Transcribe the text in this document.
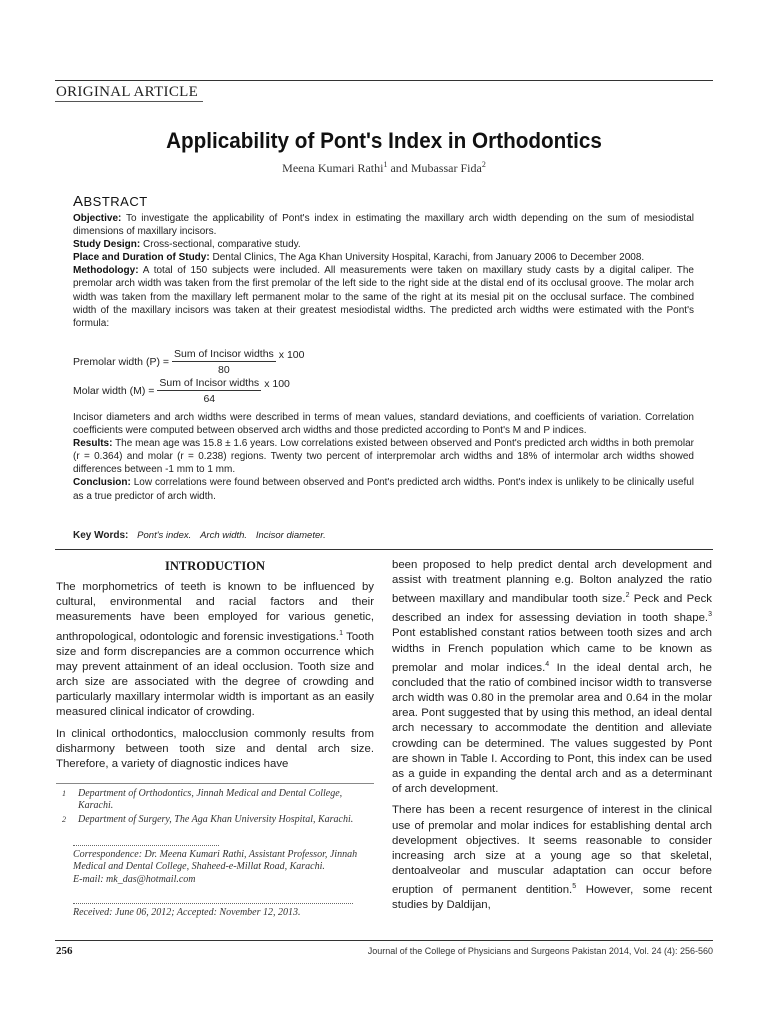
ORIGINAL ARTICLE
Applicability of Pont's Index in Orthodontics
Meena Kumari Rathi$^1$ and Mubassar Fida$^2$
ABSTRACT

Objective: To investigate the applicability of Pont's index in estimating the maxillary arch width depending on the sum of mesiodistal dimensions of maxillary incisors.

Study Design: Cross-sectional, comparative study.

Place and Duration of Study: Dental Clinics, The Aga Khan University Hospital, Karachi, from January 2006 to December 2008.

Methodology: A total of 150 subjects were included. All measurements were taken on maxillary study casts by a digital caliper. The premolar arch width was taken from the first premolar of the left side to the right side at the distal end of its occlusal groove. The molar arch width was taken from the maxillary left permanent molar to the same of the right at its mesial pit on the occlusal surface. The combined width of the maxillary incisors was taken at their greatest mesiodistal widths. The predicted arch widths were estimated with the Pont's formula:

Premolar width $(P) = \frac{\text{Sum of Incisor widths}}{80}$ x 100
Molar width $(M) = \frac{\text{Sum of Incisor widths}}{64}$ x 100

Incisor diameters and arch widths were described in terms of mean values, standard deviations, and coefficients of variation. Correlation coefficients were computed between observed arch widths and those predicted according to Pont's M and P indices.

Results: The mean age was 15.8 ± 1.6 years. Low correlations existed between observed and Pont's predicted arch widths in both premolar (r = 0.364) and molar (r = 0.238) regions. Twenty two percent of interpremolar arch widths and 18% of intermolar arch widths showed differences between -1 mm to 1 mm.

Conclusion: Low correlations were found between observed and Pont's predicted arch widths. Pont's index is unlikely to be clinically useful as a true predictor of arch width.

Key Words: Pont's index. Arch width. Incisor diameter.
INTRODUCTION

The morphometrics of teeth is known to be influenced by cultural, environmental and racial factors and their measurements have been employed for various genetic, anthropological, odontologic and forensic investigations.$^1$ Tooth size and form discrepancies are a common occurrence which may prevent attainment of an ideal occlusion. Tooth size and arch size are associated with the degree of crowding and particularly maxillary intermolar width is important as an easily measured clinical indicator of crowding.

In clinical orthodontics, malocclusion commonly results from disharmony between tooth size and dental arch size. Therefore, a variety of diagnostic indices have

1	Department of Orthodontics, Jinnah Medical and Dental College, Karachi.
2	Department of Surgery, The Aga Khan University Hospital, Karachi.

Correspondence: Dr. Meena Kumari Rathi, Assistant Professor, Jinnah Medical and Dental College, Shaheed-e-Millat Road, Karachi.

E-mail: mk_das@hotmail.com

Received: June 06, 2012; Accepted: November 12, 2013.

been proposed to help predict dental arch development and assist with treatment planning e.g. Bolton analyzed the ratio between maxillary and mandibular tooth size.$^2$ Peck and Peck described an index for assessing deviation in tooth shape.$^3$ Pont established constant ratios between tooth sizes and arch widths in French population which came to be known as premolar and molar indices.$^4$ In the ideal dental arch, he concluded that the ratio of combined incisor width to transverse arch width was 0.80 in the premolar area and 0.64 in the molar area. Pont suggested that by using this method, an ideal dental arch necessary to accommodate the dentition and alleviate crowding can be determined. The values suggested by Pont are shown in Table I. According to Pont, this index can be used as a guide in expanding the dental arch and as a determinant of arch development.

There has been a recent resurgence of interest in the clinical use of premolar and molar indices for establishing dental arch development objectives. It seems reasonable to consider increasing arch size at a young age so that skeletal, dentoalveolar and muscular adaptation can occur before eruption of permanent dentition.$^5$ However, some recent studies by Daldijan,

256	Journal of the College of Physicians and Surgeons Pakistan 2014, Vol. 24 (4): 256-560
